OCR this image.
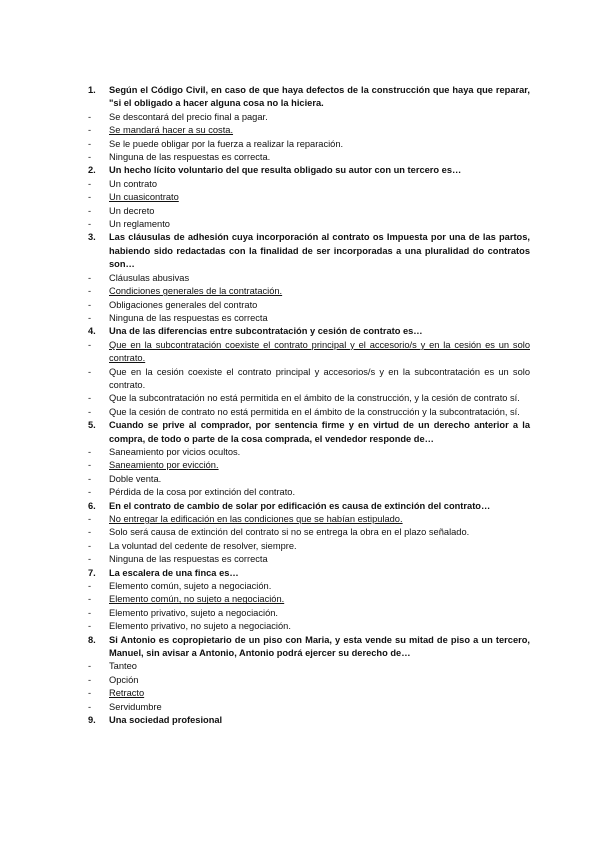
1. Según el Código Civil, en caso de que haya defectos de la construcción que haya que reparar, "si el obligado a hacer alguna cosa no la hiciera.
- Se descontará del precio final a pagar.
- Se mandará hacer a su costa.
- Se le puede obligar por la fuerza a realizar la reparación.
- Ninguna de las respuestas es correcta.
2. Un hecho lícito voluntario del que resulta obligado su autor con un tercero es…
- Un contrato
- Un cuasicontrato
- Un decreto
- Un reglamento
3. Las cláusulas de adhesión cuya incorporación al contrato os Impuesta por una de las partos, habiendo sido redactadas con la finalidad de ser incorporadas a una pluralidad do contratos son…
- Cláusulas abusivas
- Condiciones generales de la contratación.
- Obligaciones generales del contrato
- Ninguna de las respuestas es correcta
4. Una de las diferencias entre subcontratación y cesión de contrato es…
- Que en la subcontratación coexiste el contrato principal y el accesorio/s y en la cesión es un solo contrato.
- Que en la cesión coexiste el contrato principal y accesorios/s y en la subcontratación es un solo contrato.
- Que la subcontratación no está permitida en el ámbito de la construcción, y la cesión de contrato sí.
- Que la cesión de contrato no está permitida en el ámbito de la construcción y la subcontratación, sí.
5. Cuando se prive al comprador, por sentencia firme y en virtud de un derecho anterior a la compra, de todo o parte de la cosa comprada, el vendedor responde de…
- Saneamiento por vicios ocultos.
- Saneamiento por evicción.
- Doble venta.
- Pérdida de la cosa por extinción del contrato.
6. En el contrato de cambio de solar por edificación es causa de extinción del contrato…
- No entregar la edificación en las condiciones que se habían estipulado.
- Solo será causa de extinción del contrato si no se entrega la obra en el plazo señalado.
- La voluntad del cedente de resolver, siempre.
- Ninguna de las respuestas es correcta
7. La escalera de una finca es…
- Elemento común, sujeto a negociación.
- Elemento común, no sujeto a negociación.
- Elemento privativo, sujeto a negociación.
- Elemento privativo, no sujeto a negociación.
8. Si Antonio es copropietario de un piso con Maria, y esta vende su mitad de piso a un tercero, Manuel, sin avisar a Antonio, Antonio podrá ejercer su derecho de…
- Tanteo
- Opción
- Retracto
- Servidumbre
9. Una sociedad profesional
